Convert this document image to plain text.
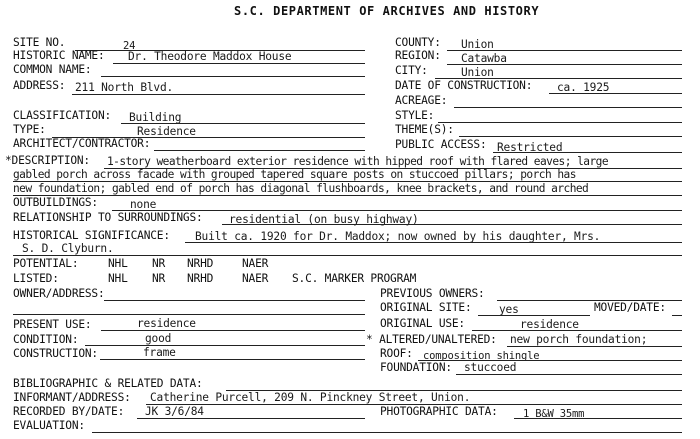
S.C. DEPARTMENT OF ARCHIVES AND HISTORY
SITE NO.	24
HISTORIC NAME: Dr. Theodore Maddox House
COMMON NAME:
ADDRESS: 211 North Blvd.
COUNTY: Union
REGION: Catawba
CITY:	Union
DATE OF CONSTRUCTION: ca. 1925
ACREAGE:
CLASSIFICATION: Building
TYPE:	Residence
ARCHITECT/CONTRACTOR:
STYLE:
THEME(S):
PUBLIC ACCESS: Restricted
*DESCRIPTION: 1-story weatherboard exterior residence with hipped roof with flared eaves; large
gabled porch across facade with grouped tapered square posts on stuccoed pillars; porch has
new foundation; gabled end of porch has diagonal flushboards, knee brackets, and round arched
OUTBUILDINGS:	none
RELATIONSHIP TO SURROUNDINGS: residential (on busy highway)
HISTORICAL SIGNIFICANCE: Built ca. 1920 for Dr. Maddox; now owned by his daughter, Mrs.
S. D. Clyburn.
POTENTIAL:	NHL NR NRHD	NAER
LISTED:	NHL NR NRHD	NAER S.C. MARKER PROGRAM
OWNER/ADDRESS:	PREVIOUS OWNERS:
ORIGINAL SITE: yes	MOVED/DATE:
PRESENT USE:	residence	ORIGINAL USE:	residence
CONDITION:	good	* ALTERED/UNALTERED: new porch foundation;
CONSTRUCTION:	frame	ROOF: composition shingle
FOUNDATION: stuccoed
BIBLIOGRAPHIC & RELATED DATA:
INFORMANT/ADDRESS: Catherine Purcell, 209 N. Pinckney Street, Union.
RECORDED BY/DATE: JK 3/6/84	PHOTOGRAPHIC DATA: 1 B&W 35mm
EVALUATION:
